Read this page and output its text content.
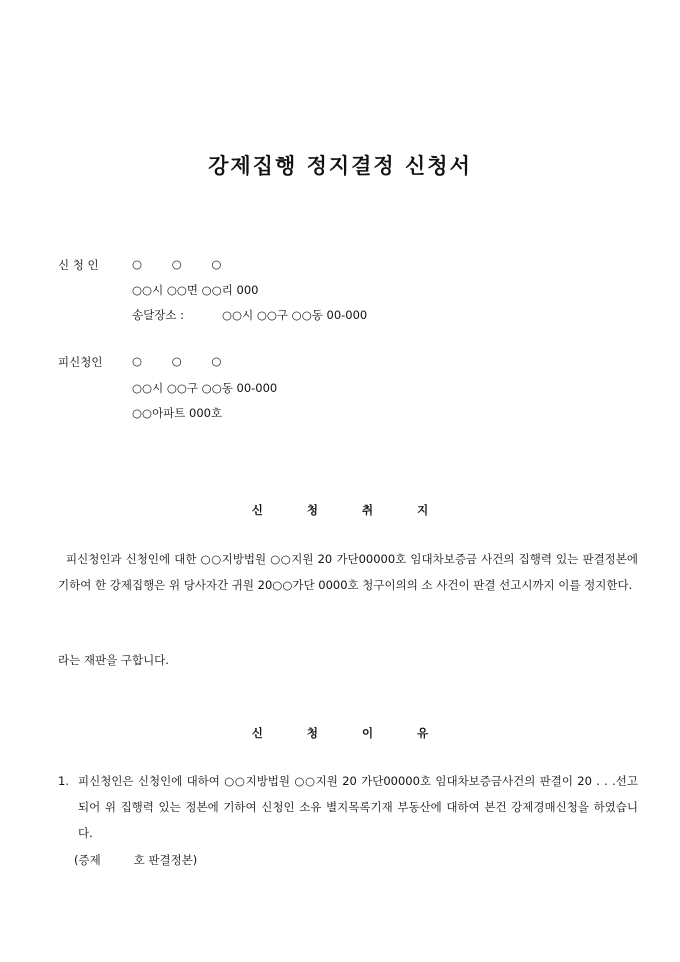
강제집행 정지결정 신청서
신 청 인	○ ○ ○
○○시 ○○면 ○○리 000
송달장소 :	○○시 ○○구 ○○동 00-000
피신청인	○ ○ ○
○○시 ○○구 ○○동 00-000
○○아파트 000호
신 청 취 지
피신청인과 신청인에 대한 ○○지방법원 ○○지원 20 가단00000호 임대차보증금 사건의 집행력 있는 판결정본에 기하여 한 강제집행은 위 당사자간 귀원 20○○가단 0000호 청구이의의 소 사건이 판결 선고시까지 이를 정지한다.
라는 재판을 구합니다.
신 청 이 유
1. 피신청인은 신청인에 대하여 ○○지방법원 ○○지원 20 가단00000호 임대차보증금사건의 판결이 20 . . .선고되어 위 집행력 있는 정본에 기하여 신청인 소유 별지목록기재 부동산에 대하여 본건 강제경매신청을 하였습니다.
(증제         호 판결정본)
